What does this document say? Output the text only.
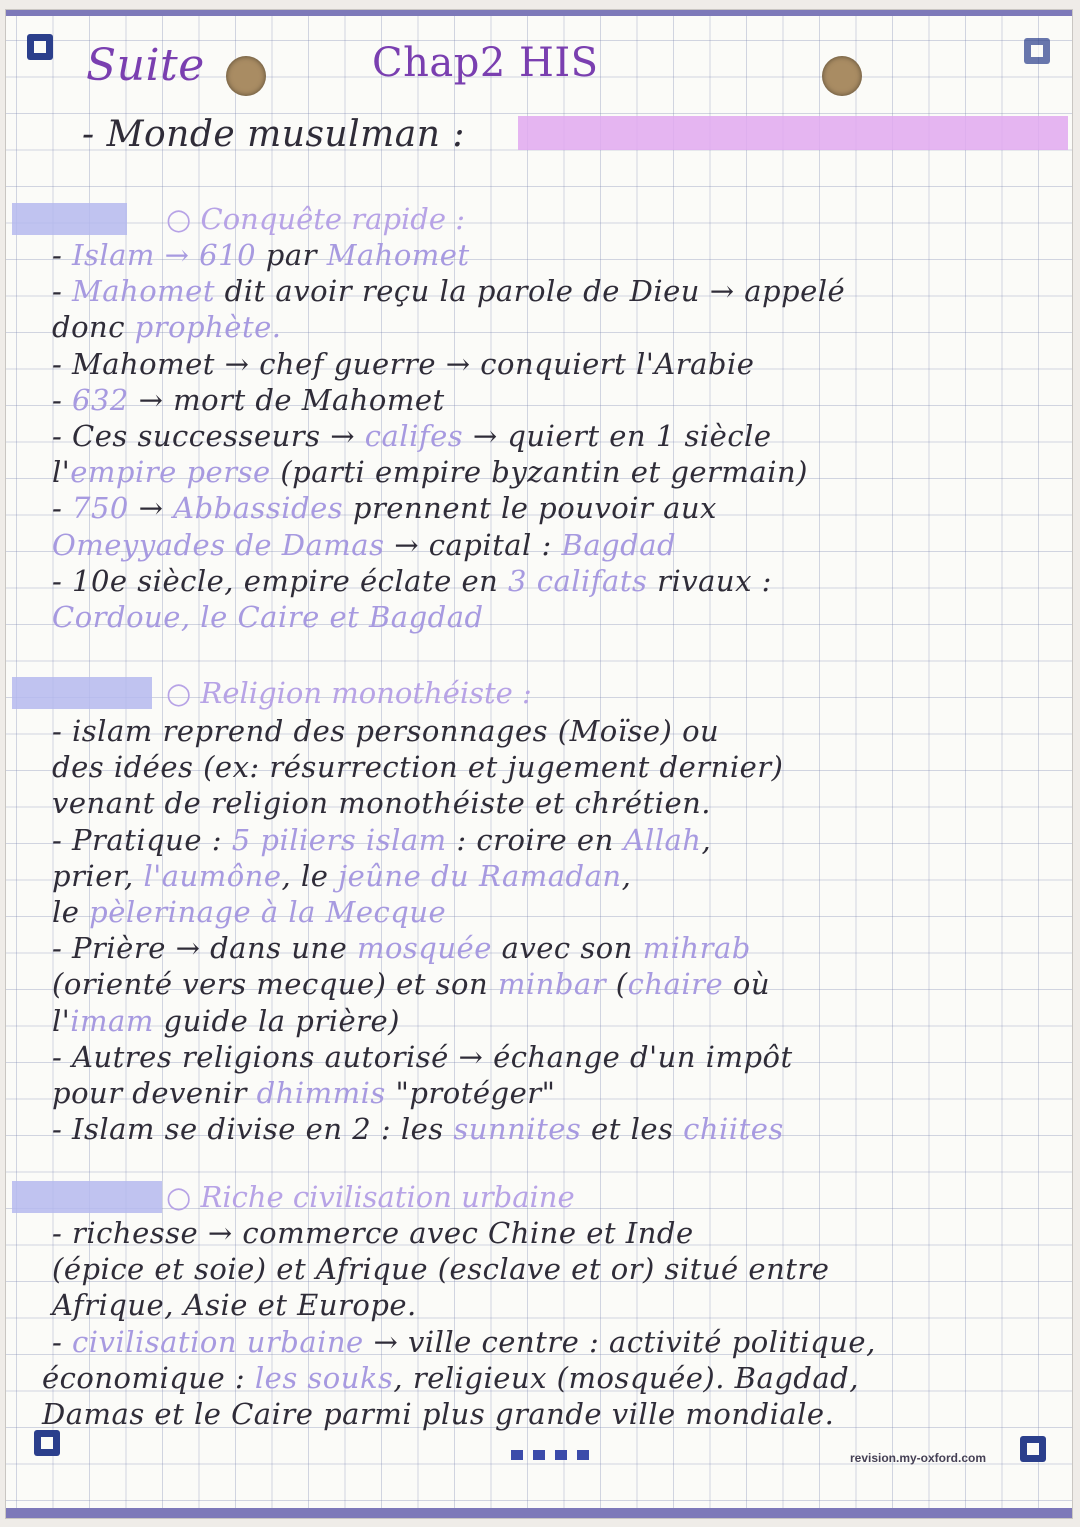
Suite	Chap2 HIS
- Monde musulman :
○ Conquête rapide :
- Islam → 610 par Mahomet
- Mahomet dit avoir reçu la parole de Dieu → appelé
donc prophète.
- Mahomet → chef guerre → conquiert l'Arabie
- 632 → mort de Mahomet
- Ces successeurs → califes → quiert en 1 siècle
l'empire perse (parti empire byzantin et germain)
- 750 → Abbassides prennent le pouvoir aux
Omeyyades de Damas → capital : Bagdad
- 10e siècle, empire éclate en 3 califats rivaux :
Cordoue, le Caire et Bagdad
○ Religion monothéiste :
- islam reprend des personnages (Moïse) ou
des idées (ex: résurrection et jugement dernier)
venant de religion monothéiste et chrétien.
- Pratique : 5 piliers islam : croire en Allah,
prier, l'aumône, le jeûne du Ramadan,
le pèlerinage à la Mecque
- Prière → dans une mosquée avec son mihrab
(orienté vers mecque) et son minbar (chaire où
l'imam guide la prière)
- Autres religions autorisé → échange d'un impôt
pour devenir dhimmis "protéger"
- Islam se divise en 2 : les sunnites et les chiites
○ Riche civilisation urbaine
- richesse → commerce avec Chine et Inde
(épice et soie) et Afrique (esclave et or) situé entre
Afrique, Asie et Europe.
- civilisation urbaine → ville centre : activité politique,
économique : les souks, religieux (mosquée). Bagdad,
Damas et le Caire parmi plus grande ville mondiale.
revision.my-oxford.com
